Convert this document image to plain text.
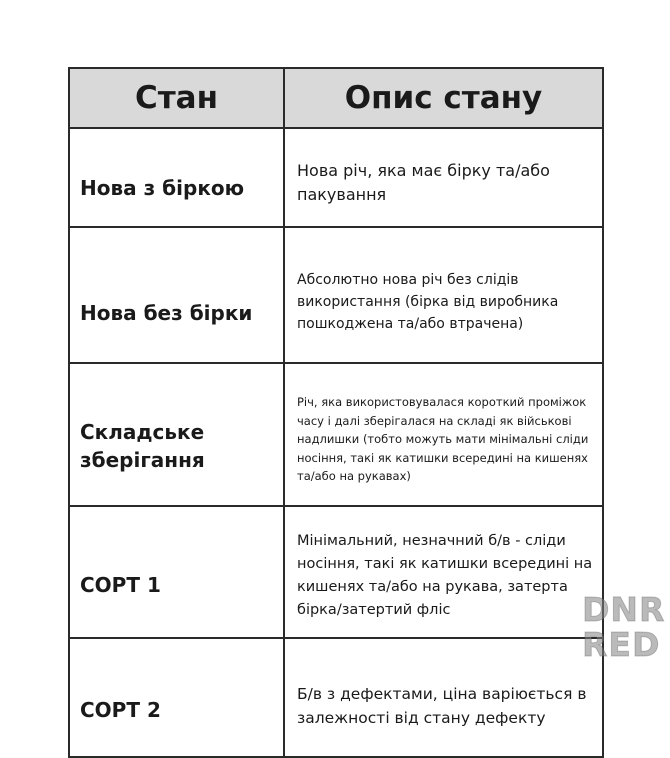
Стан	Опис стану
Нова з біркою	Нова річ, яка має бірку та/або пакування
Нова без бірки	Абсолютно нова річ без слідів використання (бірка від виробника пошкоджена та/або втрачена)
Складське зберігання	Річ, яка використовувалася короткий проміжок часу і далі зберігалася на складі як військові надлишки (тобто можуть мати мінімальні сліди носіння, такі як катишки всередині на кишенях та/або на рукавах)
СОРТ 1	Мінімальний, незначний б/в - сліди носіння, такі як катишки всередині на кишенях та/або на рукава, затерта бірка/затертий фліс
СОРТ 2	Б/в з дефектами, ціна варіюється в залежності від стану дефекту
DNR
RED
